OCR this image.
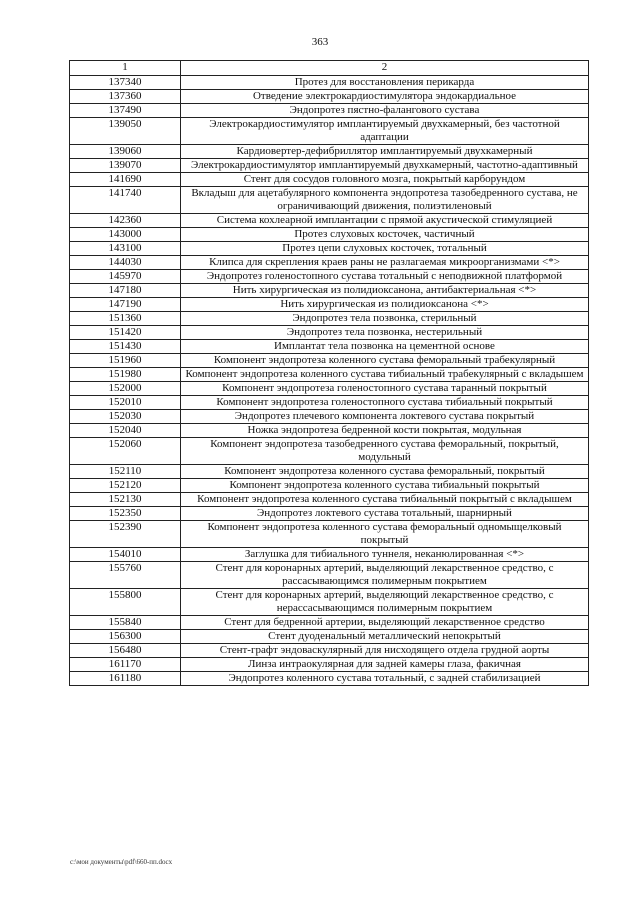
363
1	2
137340	Протез для восстановления перикарда
137360	Отведение электрокардиостимулятора эндокардиальное
137490	Эндопротез пястно-фалангового сустава
139050	Электрокардиостимулятор имплантируемый двухкамерный, без частотной адаптации
139060	Кардиовертер-дефибриллятор имплантируемый двухкамерный
139070	Электрокардиостимулятор имплантируемый двухкамерный, частотно-адаптивный
141690	Стент для сосудов головного мозга, покрытый карборундом
141740	Вкладыш для ацетабулярного компонента эндопротеза тазобедренного сустава, не ограничивающий движения, полиэтиленовый
142360	Система кохлеарной имплантации с прямой акустической стимуляцией
143000	Протез слуховых косточек, частичный
143100	Протез цепи слуховых косточек, тотальный
144030	Клипса для скрепления краев раны не разлагаемая микроорганизмами <*>
145970	Эндопротез голеностопного сустава тотальный с неподвижной платформой
147180	Нить хирургическая из полидиоксанона, антибактериальная <*>
147190	Нить хирургическая из полидиоксанона <*>
151360	Эндопротез тела позвонка, стерильный
151420	Эндопротез тела позвонка, нестерильный
151430	Имплантат тела позвонка на цементной основе
151960	Компонент эндопротеза коленного сустава феморальный трабекулярный
151980	Компонент эндопротеза коленного сустава тибиальный трабекулярный с вкладышем
152000	Компонент эндопротеза голеностопного сустава таранный покрытый
152010	Компонент эндопротеза голеностопного сустава тибиальный покрытый
152030	Эндопротез плечевого компонента локтевого сустава покрытый
152040	Ножка эндопротеза бедренной кости покрытая, модульная
152060	Компонент эндопротеза тазобедренного сустава феморальный, покрытый, модульный
152110	Компонент эндопротеза коленного сустава феморальный, покрытый
152120	Компонент эндопротеза коленного сустава тибиальный покрытый
152130	Компонент эндопротеза коленного сустава тибиальный покрытый с вкладышем
152350	Эндопротез локтевого сустава тотальный, шарнирный
152390	Компонент эндопротеза коленного сустава феморальный одномыщелковый покрытый
154010	Заглушка для тибиального туннеля, неканюлированная <*>
155760	Стент для коронарных артерий, выделяющий лекарственное средство, с рассасывающимся полимерным покрытием
155800	Стент для коронарных артерий, выделяющий лекарственное средство, с нерассасывающимся полимерным покрытием
155840	Стент для бедренной артерии, выделяющий лекарственное средство
156300	Стент дуоденальный металлический непокрытый
156480	Стент-графт эндоваскулярный для нисходящего отдела грудной аорты
161170	Линза интраокулярная для задней камеры глаза, факичная
161180	Эндопротез коленного сустава тотальный, с задней стабилизацией
c:\мои документы\pdf\660-пп.docx
